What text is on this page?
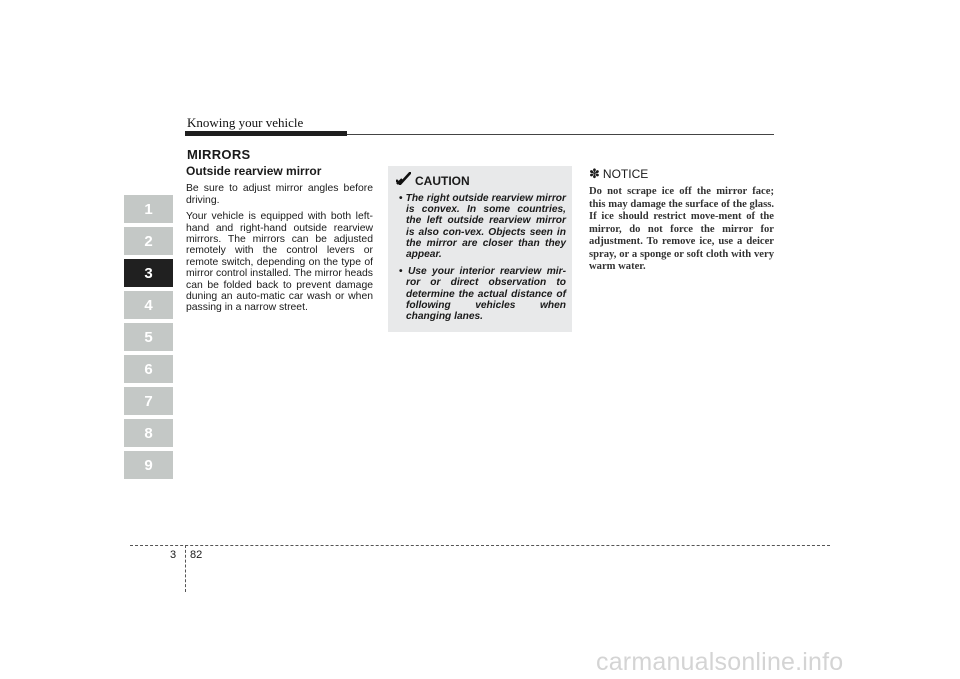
Knowing your vehicle
MIRRORS
1
2
3
4
5
6
7
8
9
Outside rearview mirror

Be sure to adjust mirror angles before driving.

Your vehicle is equipped with both left-hand and right-hand outside rearview mirrors. The mirrors can be adjusted remotely with the control levers or remote switch, depending on the type of mirror control installed. The mirror heads can be folded back to prevent damage duning an auto-matic car wash or when passing in a narrow street.

CAUTION
• The right outside rearview mirror is convex. In some countries, the left outside rearview mirror is also con-vex. Objects seen in the mirror are closer than they appear.
• Use your interior rearview mir-ror or direct observation to determine the actual distance of following vehicles when changing lanes.
✽ NOTICE
Do not scrape ice off the mirror face; this may damage the surface of the glass. If ice should restrict move-ment of the mirror, do not force the mirror for adjustment. To remove ice, use a deicer spray, or a sponge or soft cloth with very warm water.
3 82
carmanualsonline.info
